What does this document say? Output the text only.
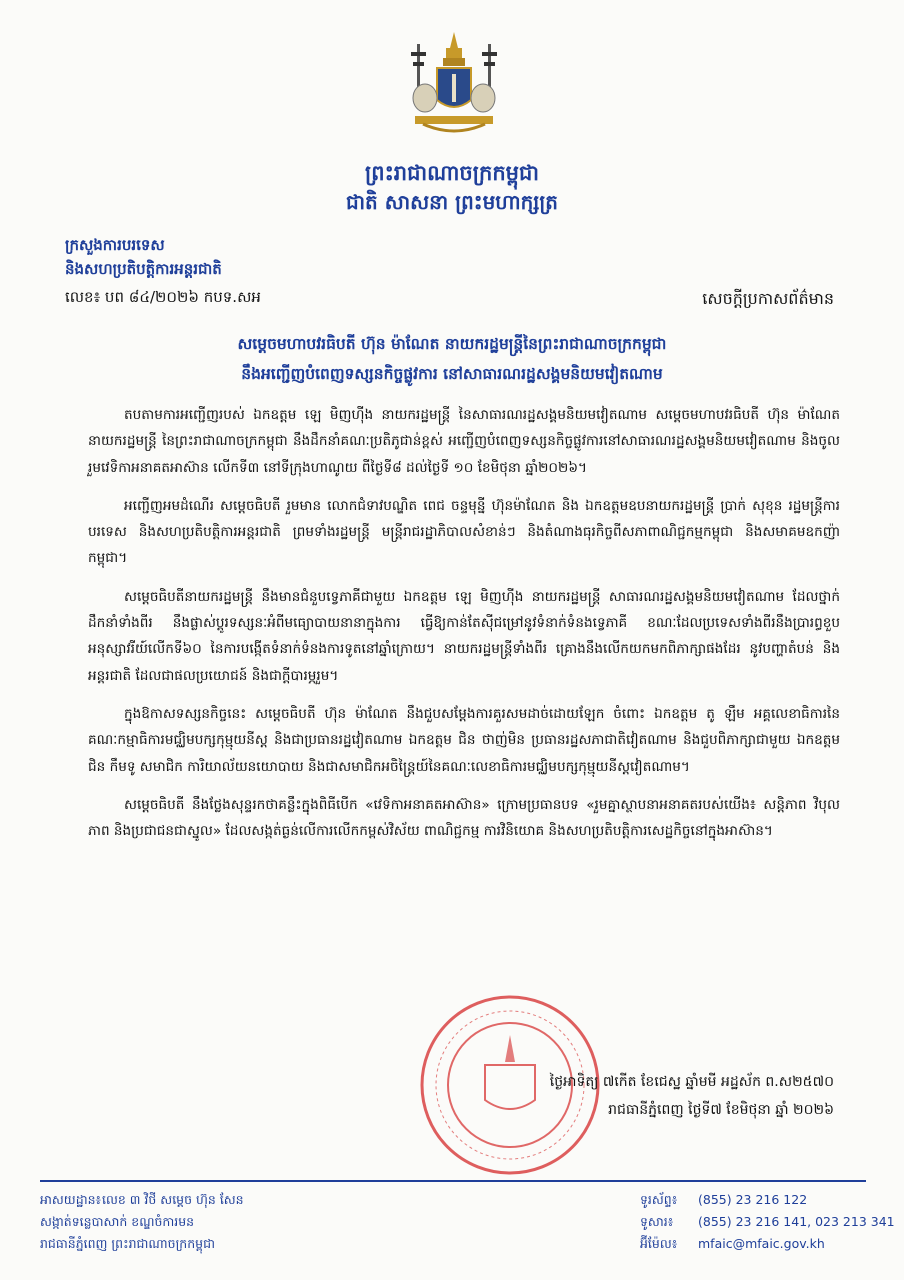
ព្រះរាជាណាចក្រកម្ពុជា
ជាតិ សាសនា ព្រះមហាក្សត្រ
ក្រសួងការបរទេស
និងសហប្រតិបត្តិការអន្តរជាតិ
លេខ៖ បព ៨៤/២០២៦ កបទ.សអ	សេចក្តីប្រកាសព័ត៌មាន
សម្តេចមហាបវរធិបតី ហ៊ុន ម៉ាណែត នាយករដ្ឋមន្ត្រីនៃព្រះរាជាណាចក្រកម្ពុជា
នឹងអញ្ជើញបំពេញទស្សនកិច្ចផ្លូវការ នៅសាធារណរដ្ឋសង្គមនិយមវៀតណាម

តបតាមការអញ្ជើញរបស់ ឯកឧត្តម ឡេ មិញហ៊ីង នាយករដ្ឋមន្ត្រី នៃសាធារណរដ្ឋសង្គមនិយមវៀតណាម សម្តេចមហាបវរធិបតី ហ៊ុន ម៉ាណែត នាយករដ្ឋមន្ត្រី នៃព្រះរាជាណាចក្រកម្ពុជា នឹងដឹកនាំគណៈប្រតិភូជាន់ខ្ពស់ អញ្ជើញបំពេញទស្សនកិច្ចផ្លូវការនៅសាធារណរដ្ឋសង្គមនិយមវៀតណាម និងចូលរួមវេទិកាអនាគតអាស៊ាន លើកទី៣ នៅទីក្រុងហាណូយ ពីថ្ងៃទី៨ ដល់ថ្ងៃទី ១០ ខែមិថុនា ឆ្នាំ២០២៦។

អញ្ជើញអមដំណើរ សម្តេចធិបតី រួមមាន លោកជំទាវបណ្ឌិត ពេជ ចន្ទមុន្នី ហ៊ុនម៉ាណែត និង ឯកឧត្តមឧបនាយករដ្ឋមន្ត្រី ប្រាក់ សុខុន រដ្ឋមន្ត្រីការបរទេស និងសហប្រតិបត្តិការអន្តរជាតិ ព្រមទាំងរដ្ឋមន្ត្រី មន្ត្រីរាជរដ្ឋាភិបាលសំខាន់ៗ និងតំណាងធុរកិច្ចពីសភាពាណិជ្ជកម្មកម្ពុជា និងសមាគមឧកញ៉ាកម្ពុជា។

សម្តេចធិបតីនាយករដ្ឋមន្ត្រី នឹងមានជំនួបទ្វេភាគីជាមួយ ឯកឧត្តម ឡេ មិញហ៊ីង នាយករដ្ឋមន្ត្រី សាធារណរដ្ឋសង្គមនិយមវៀតណាម ដែលថ្នាក់ដឹកនាំទាំងពីរ នឹងផ្លាស់ប្តូរទស្សនៈអំពីមធ្យោបាយនានាក្នុងការ ធ្វើឱ្យកាន់តែស៊ីជម្រៅនូវទំនាក់ទំនងទ្វេភាគី ខណៈដែលប្រទេសទាំងពីរនឹងប្រារព្ធខួបអនុស្សាវរីយ៍លើកទី៦០ នៃការបង្កើតទំនាក់ទំនងការទូតនៅឆ្នាំក្រោយ។ នាយករដ្ឋមន្ត្រីទាំងពីរ គ្រោងនឹងលើកយកមកពិភាក្សាផងដែរ នូវបញ្ហាតំបន់ និងអន្តរជាតិ ដែលជាផលប្រយោជន៍ និងជាក្តីបារម្ភរួម។

ក្នុងឱកាសទស្សនកិច្ចនេះ សម្តេចធិបតី ហ៊ុន ម៉ាណែត នឹងជួបសម្តែងការគួរសមដាច់ដោយឡែក ចំពោះ ឯកឧត្តម តូ ឡឹម អគ្គលេខាធិការនៃគណៈកម្មាធិការមជ្ឈិមបក្សកុម្មុយនីស្ត និងជាប្រធានរដ្ឋវៀតណាម ឯកឧត្តម ជិន ថាញ់មិន ប្រធានរដ្ឋសភាជាតិវៀតណាម និងជួបពិភាក្សាជាមួយ ឯកឧត្តម ជិន កឹមទូ សមាជិក ការិយាល័យនយោបាយ និងជាសមាជិកអចិន្ត្រៃយ៍នៃគណៈលេខាធិការមជ្ឈិមបក្សកុម្មុយនីស្តវៀតណាម។

សម្តេចធិបតី នឹងថ្លែងសុន្ទរកថាគន្លឹះក្នុងពិធីបើក «វេទិកាអនាគតអាស៊ាន» ក្រោមប្រធានបទ «រួមគ្នាស្ថាបនាអនាគតរបស់យើង៖ សន្តិភាព វិបុលភាព និងប្រជាជនជាស្នូល» ដែលសង្កត់ធ្ងន់លើការលើកកម្ពស់វិស័យ ពាណិជ្ជកម្ម ការវិនិយោគ និងសហប្រតិបត្តិការសេដ្ឋកិច្ចនៅក្នុងអាស៊ាន។

ថ្ងៃអាទិត្យ ៧កើត ខែជេស្ឋ ឆ្នាំមមី អដ្ឋស័ក ព.ស២៥៧០
រាជធានីភ្នំពេញ ថ្ងៃទី៧ ខែមិថុនា ឆ្នាំ ២០២៦
អាសយដ្ឋាន៖ លេខ ៣ វិថី សម្តេច ហ៊ុន សែន
សង្កាត់ទន្លេបាសាក់ ខណ្ឌចំការមន
រាជធានីភ្នំពេញ ព្រះរាជាណាចក្រកម្ពុជា
ទូរស័ព្ទ៖ (855) 23 216 122
ទូសារ៖ (855) 23 216 141, 023 213 341
អ៊ីម៉ែល៖ mfaic@mfaic.gov.kh
